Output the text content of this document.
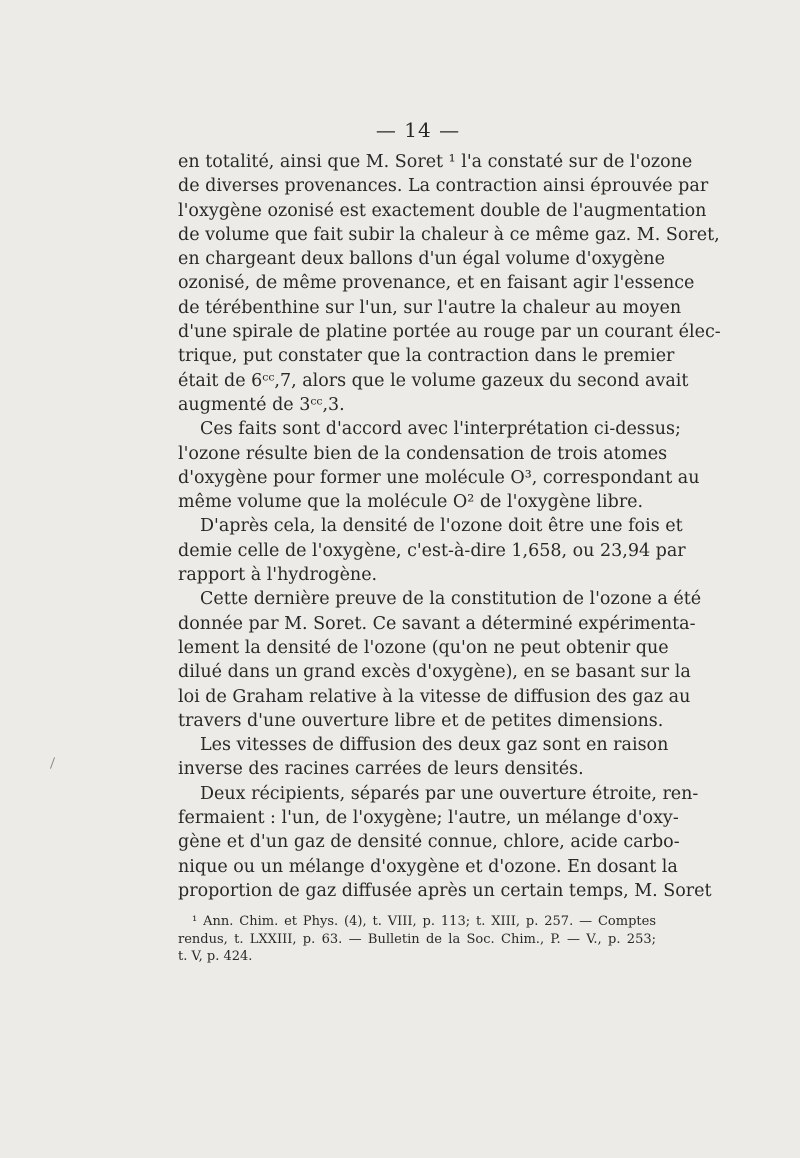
— 14 —
en totalité, ainsi que M. Soret ¹ l'a constaté sur de l'ozone
de diverses provenances. La contraction ainsi éprouvée par
l'oxygène ozonisé est exactement double de l'augmentation
de volume que fait subir la chaleur à ce même gaz. M. Soret,
en chargeant deux ballons d'un égal volume d'oxygène
ozonisé, de même provenance, et en faisant agir l'essence
de térébenthine sur l'un, sur l'autre la chaleur au moyen
d'une spirale de platine portée au rouge par un courant élec-
trique, put constater que la contraction dans le premier
était de 6ᶜᶜ,7, alors que le volume gazeux du second avait
augmenté de 3ᶜᶜ,3.
Ces faits sont d'accord avec l'interprétation ci-dessus;
l'ozone résulte bien de la condensation de trois atomes
d'oxygène pour former une molécule O³, correspondant au
même volume que la molécule O² de l'oxygène libre.
D'après cela, la densité de l'ozone doit être une fois et
demie celle de l'oxygène, c'est-à-dire 1,658, ou 23,94 par
rapport à l'hydrogène.
Cette dernière preuve de la constitution de l'ozone a été
donnée par M. Soret. Ce savant a déterminé expérimenta-
lement la densité de l'ozone (qu'on ne peut obtenir que
dilué dans un grand excès d'oxygène), en se basant sur la
loi de Graham relative à la vitesse de diffusion des gaz au
travers d'une ouverture libre et de petites dimensions.
Les vitesses de diffusion des deux gaz sont en raison
inverse des racines carrées de leurs densités.
Deux récipients, séparés par une ouverture étroite, ren-
fermaient : l'un, de l'oxygène; l'autre, un mélange d'oxy-
gène et d'un gaz de densité connue, chlore, acide carbo-
nique ou un mélange d'oxygène et d'ozone. En dosant la
proportion de gaz diffusée après un certain temps, M. Soret
¹ Ann. Chim. et Phys. (4), t. VIII, p. 113; t. XIII, p. 257. — Comptes
rendus, t. LXXIII, p. 63. — Bulletin de la Soc. Chim., P. — V., p. 253;
t. V, p. 424.
